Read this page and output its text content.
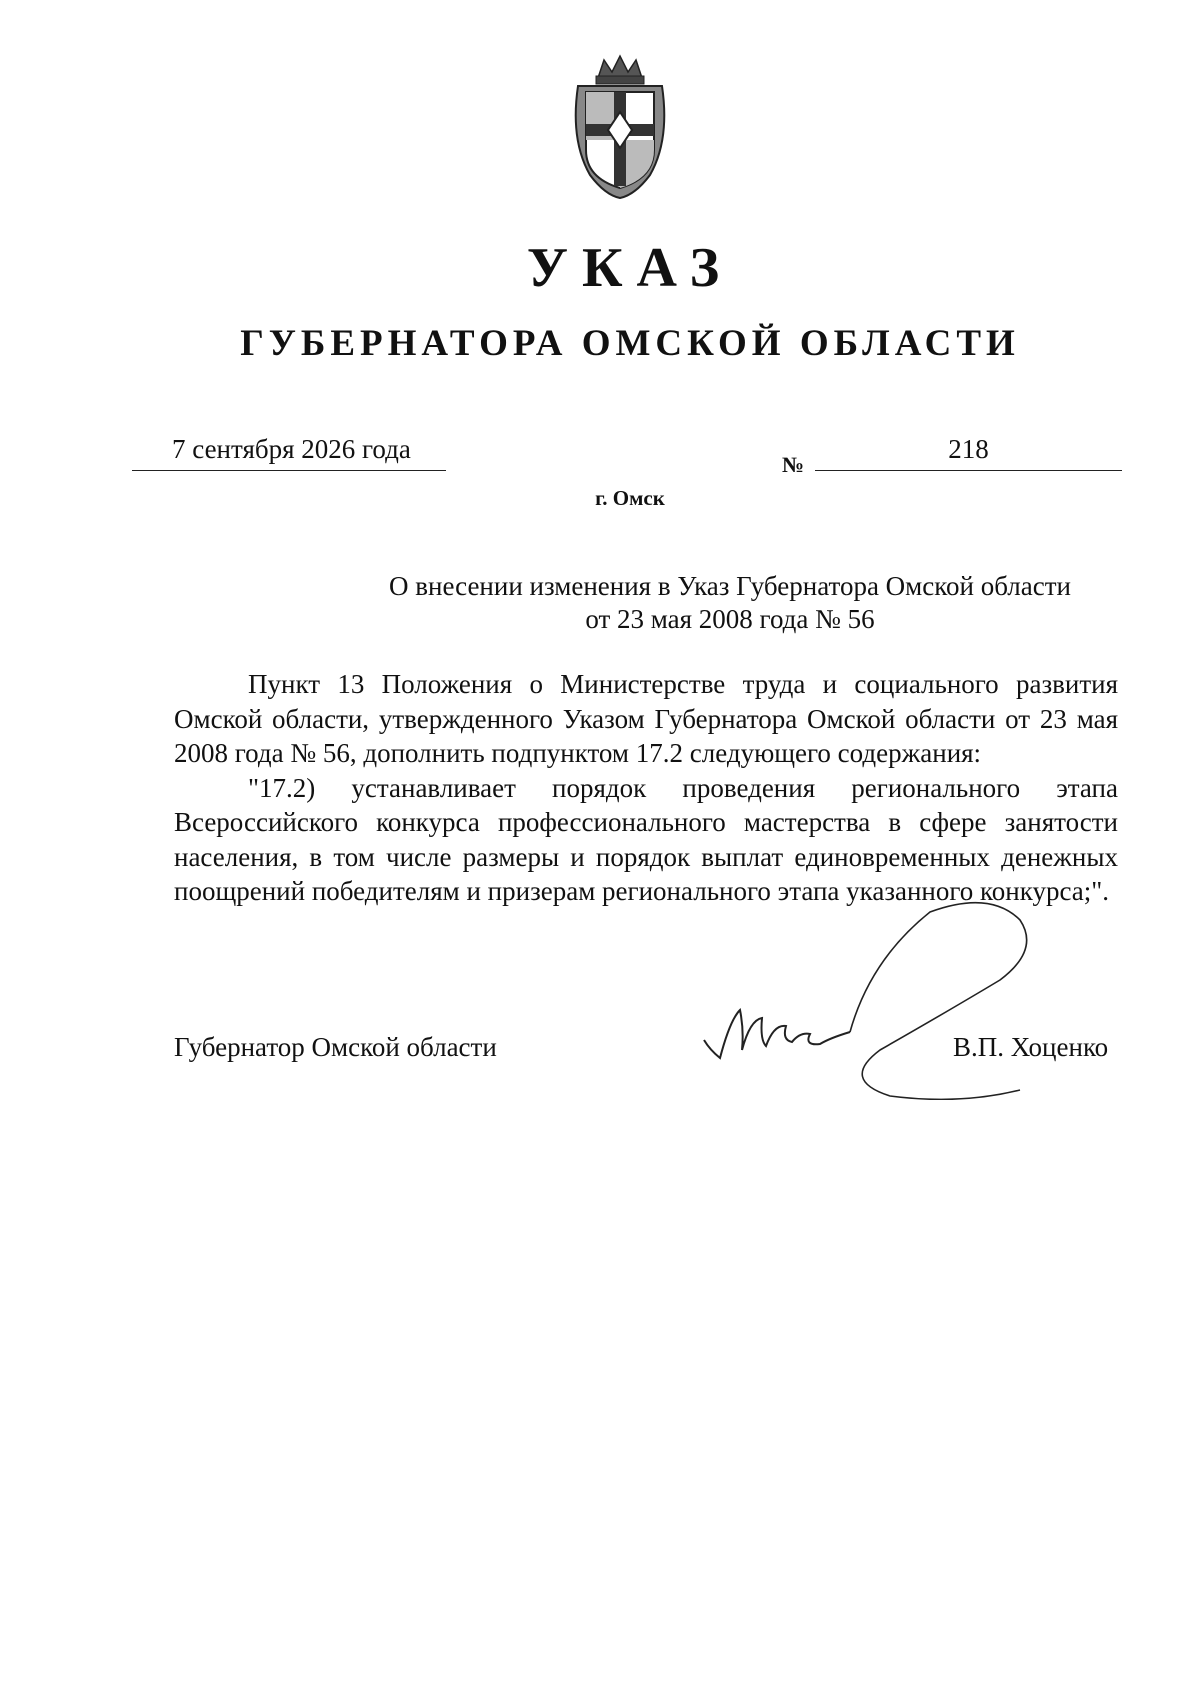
УКАЗ
ГУБЕРНАТОРА ОМСКОЙ ОБЛАСТИ
7 сентября 2026 года
№
218
г. Омск
О внесении изменения в Указ Губернатора Омской области
от 23 мая 2008 года № 56

Пункт 13 Положения о Министерстве труда и социального развития Омской области, утвержденного Указом Губернатора Омской области от 23 мая 2008 года № 56, дополнить подпунктом 17.2 следующего содержания:

"17.2) устанавливает порядок проведения регионального этапа Всероссийского конкурса профессионального мастерства в сфере занятости населения, в том числе размеры и порядок выплат единовременных денежных поощрений победителям и призерам регионального этапа указанного конкурса;".

Губернатор Омской области	В.П. Хоценко
